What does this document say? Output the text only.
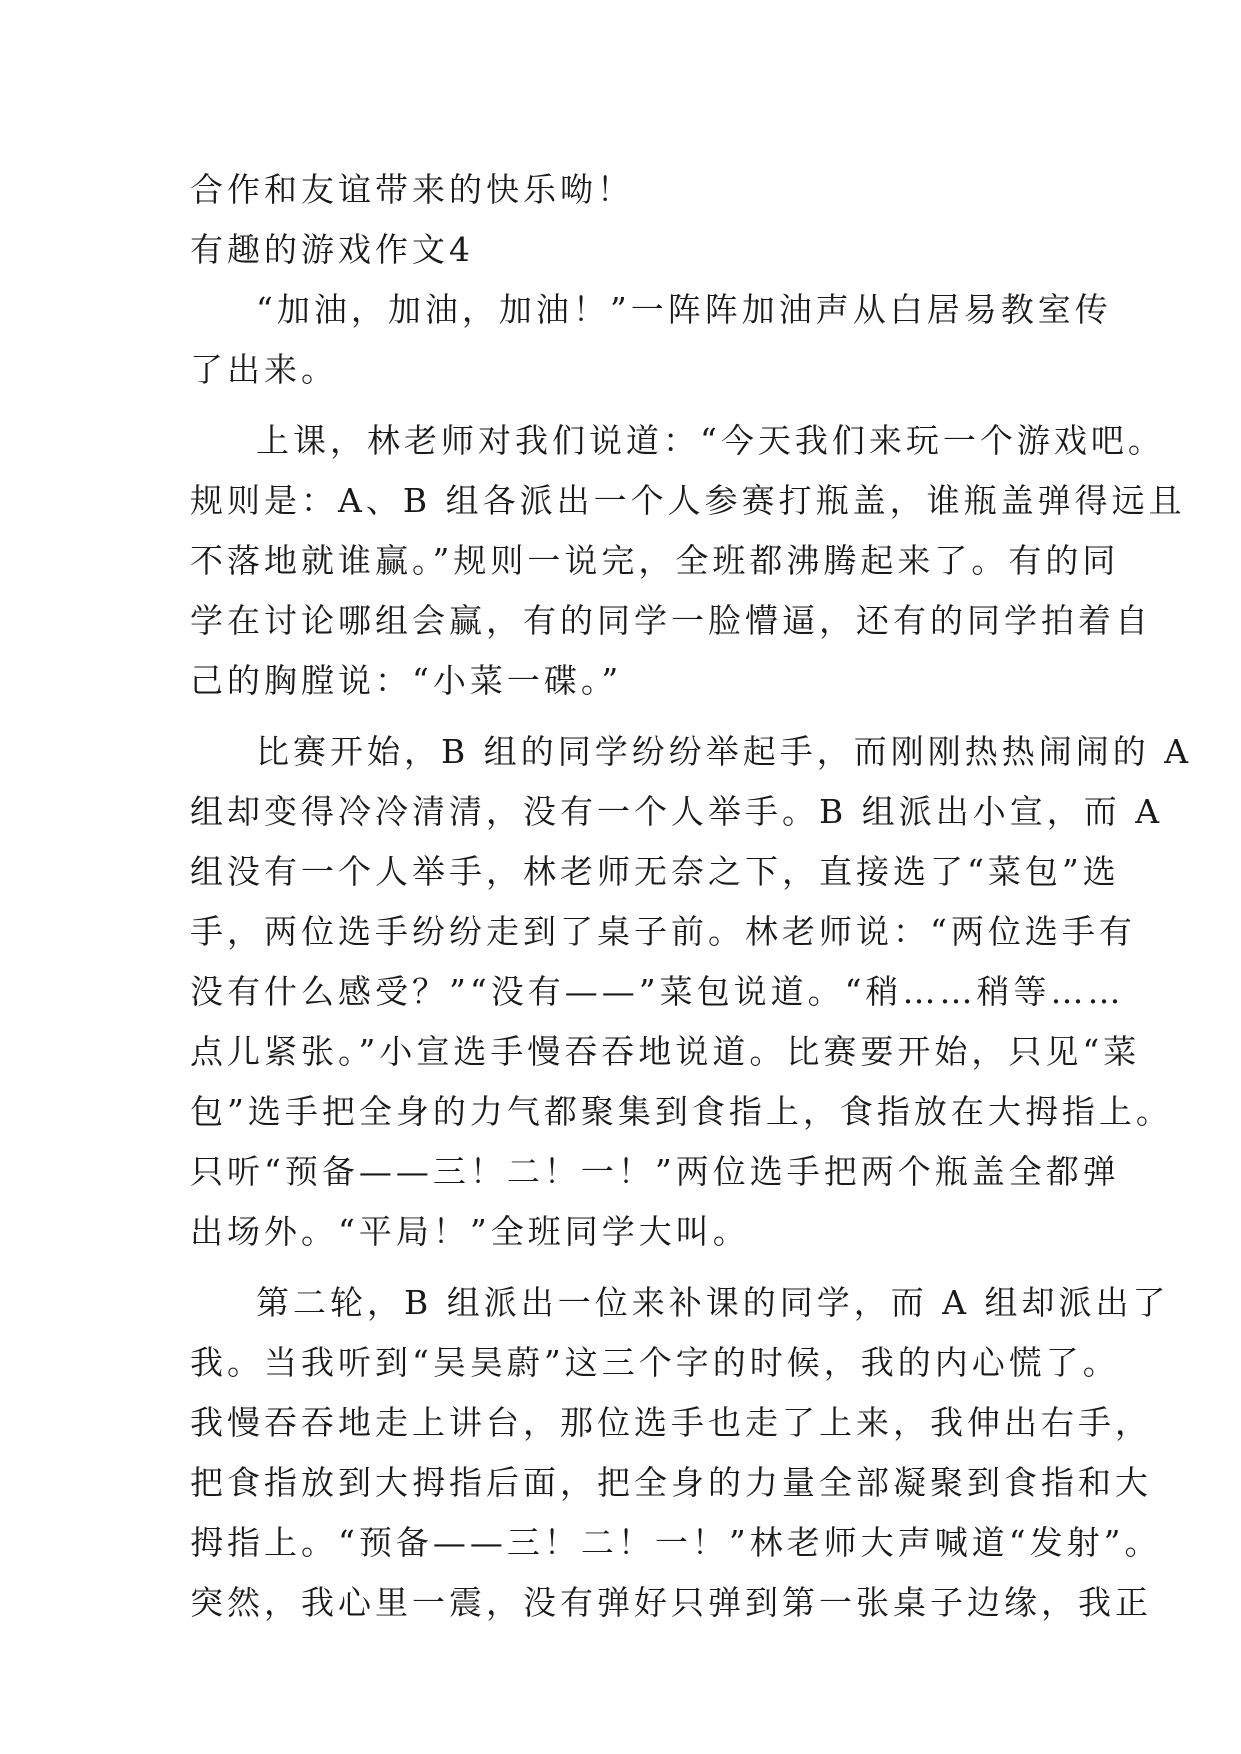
合作和友谊带来的快乐呦！
有趣的游戏作文4
“加油，加油，加油！”一阵阵加油声从白居易教室传
了出来。
上课，林老师对我们说道：“今天我们来玩一个游戏吧。
规则是：A、B 组各派出一个人参赛打瓶盖，谁瓶盖弹得远且
不落地就谁赢。”规则一说完，全班都沸腾起来了。有的同
学在讨论哪组会赢，有的同学一脸懵逼，还有的同学拍着自
己的胸膛说：“小菜一碟。”
比赛开始，B 组的同学纷纷举起手，而刚刚热热闹闹的 A
组却变得冷冷清清，没有一个人举手。B 组派出小宣，而 A
组没有一个人举手，林老师无奈之下，直接选了“菜包”选
手，两位选手纷纷走到了桌子前。林老师说：“两位选手有
没有什么感受？”“没有——”菜包说道。“稍……稍等……
点儿紧张。”小宣选手慢吞吞地说道。比赛要开始，只见“菜
包”选手把全身的力气都聚集到食指上，食指放在大拇指上。
只听“预备——三！二！一！”两位选手把两个瓶盖全都弹
出场外。“平局！”全班同学大叫。
第二轮，B 组派出一位来补课的同学，而 A 组却派出了
我。当我听到“吴昊蔚”这三个字的时候，我的内心慌了。
我慢吞吞地走上讲台，那位选手也走了上来，我伸出右手，
把食指放到大拇指后面，把全身的力量全部凝聚到食指和大
拇指上。“预备——三！二！一！”林老师大声喊道“发射”。
突然，我心里一震，没有弹好只弹到第一张桌子边缘，我正
